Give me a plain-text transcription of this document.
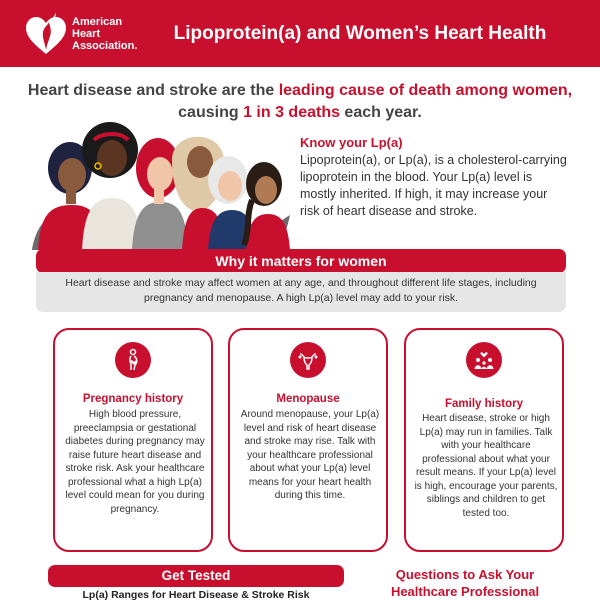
American
Heart
Association.
Lipoprotein(a) and Women’s Heart Health
Heart disease and stroke are the leading cause of death among women,
causing 1 in 3 deaths each year.
Know your Lp(a)
Lipoprotein(a), or Lp(a), is a cholesterol-carrying lipoprotein in the blood. Your Lp(a) level is mostly inherited. If high, it may increase your risk of heart disease and stroke.
Why it matters for women
Heart disease and stroke may affect women at any age, and throughout different life stages, including pregnancy and menopause. A high Lp(a) level may add to your risk.
Pregnancy history
High blood pressure, preeclampsia or gestational diabetes during pregnancy may raise future heart disease and stroke risk. Ask your healthcare professional what a high Lp(a) level could mean for you during pregnancy.
Menopause
Around menopause, your Lp(a) level and risk of heart disease and stroke may rise. Talk with your healthcare professional about what your Lp(a) level means for your heart health during this time.
Family history
Heart disease, stroke or high Lp(a) may run in families. Talk with your healthcare professional about what your result means. If your Lp(a) level is high, encourage your parents, siblings and children to get tested too.
Get Tested
Lp(a) Ranges for Heart Disease & Stroke Risk
Questions to Ask Your
Healthcare Professional
